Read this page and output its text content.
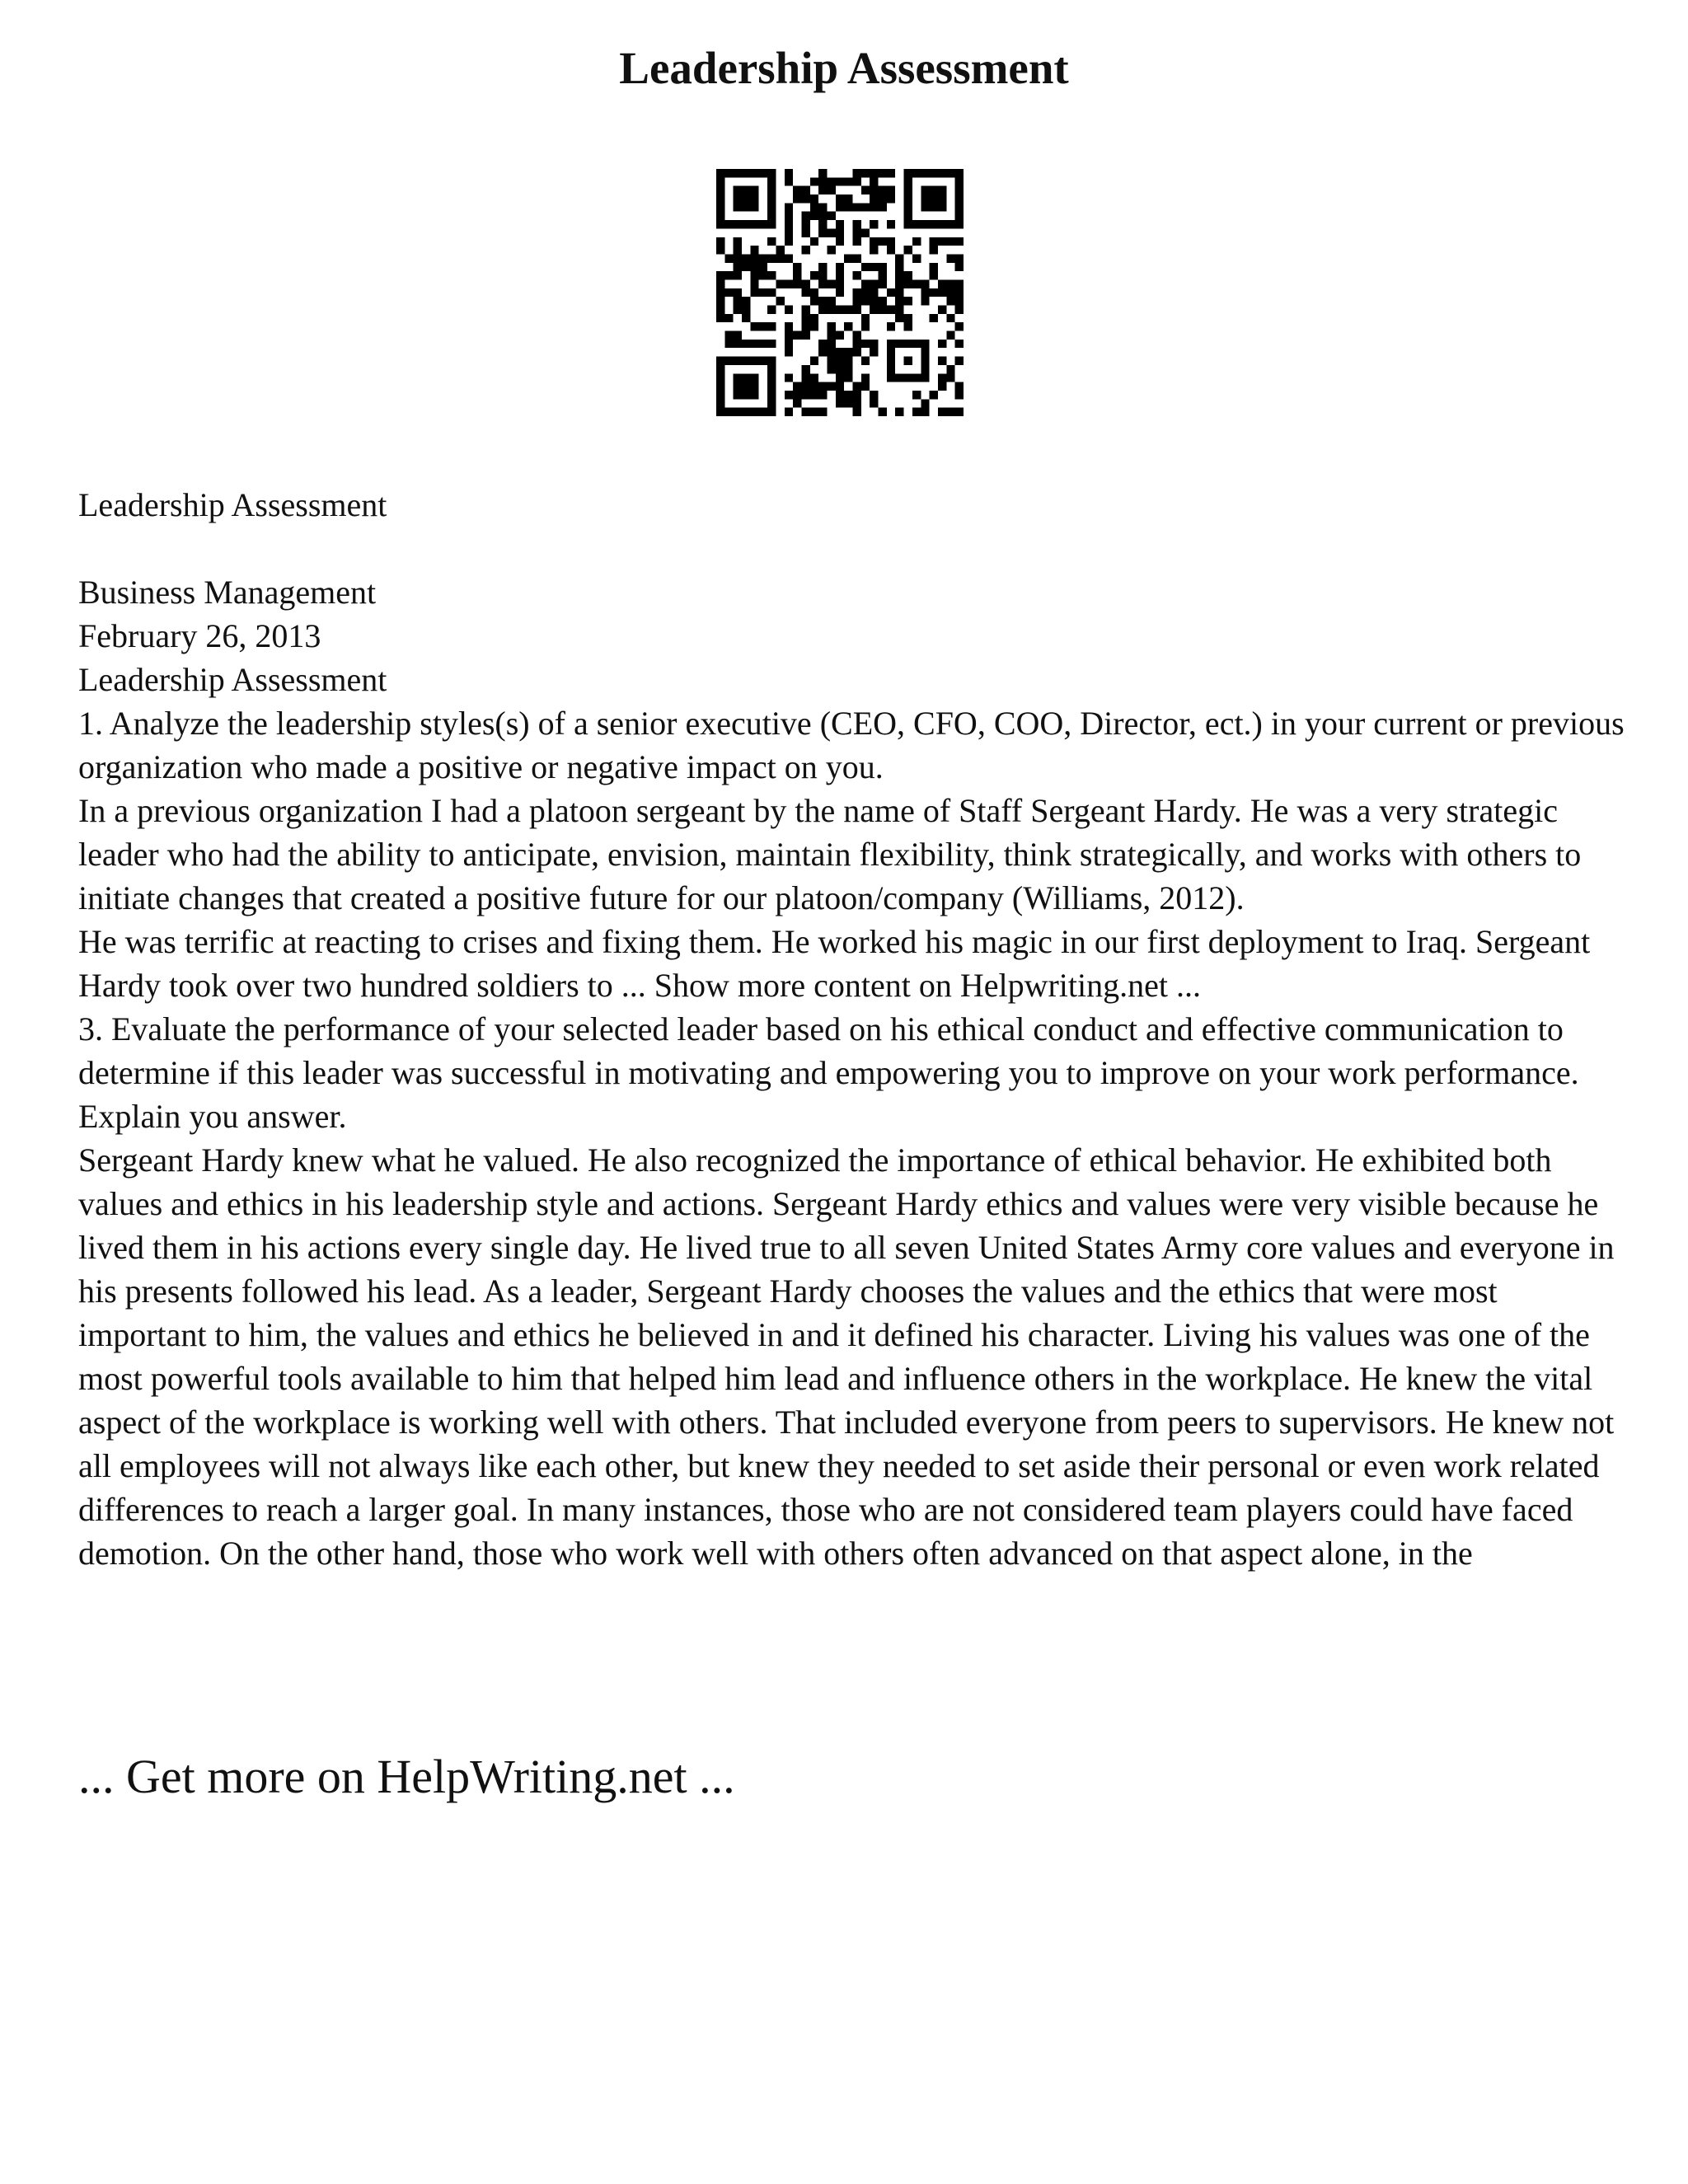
Leadership Assessment

Leadership Assessment

Business Management

February 26, 2013

Leadership Assessment

1. Analyze the leadership styles(s) of a senior executive (CEO, CFO, COO, Director, ect.) in your current or previous organization who made a positive or negative impact on you.

In a previous organization I had a platoon sergeant by the name of Staff Sergeant Hardy. He was a very strategic leader who had the ability to anticipate, envision, maintain flexibility, think strategically, and works with others to initiate changes that created a positive future for our platoon/company (Williams, 2012).

He was terrific at reacting to crises and fixing them. He worked his magic in our first deployment to Iraq. Sergeant Hardy took over two hundred soldiers to ... Show more content on Helpwriting.net ...

3. Evaluate the performance of your selected leader based on his ethical conduct and effective communication to determine if this leader was successful in motivating and empowering you to improve on your work performance. Explain you answer.

Sergeant Hardy knew what he valued. He also recognized the importance of ethical behavior. He exhibited both values and ethics in his leadership style and actions. Sergeant Hardy ethics and values were very visible because he lived them in his actions every single day. He lived true to all seven United States Army core values and everyone in his presents followed his lead. As a leader, Sergeant Hardy chooses the values and the ethics that were most important to him, the values and ethics he believed in and it defined his character. Living his values was one of the most powerful tools available to him that helped him lead and influence others in the workplace. He knew the vital aspect of the workplace is working well with others. That included everyone from peers to supervisors. He knew not all employees will not always like each other, but knew they needed to set aside their personal or even work related differences to reach a larger goal. In many instances, those who are not considered team players could have faced demotion. On the other hand, those who work well with others often advanced on that aspect alone, in the

... Get more on HelpWriting.net ...
